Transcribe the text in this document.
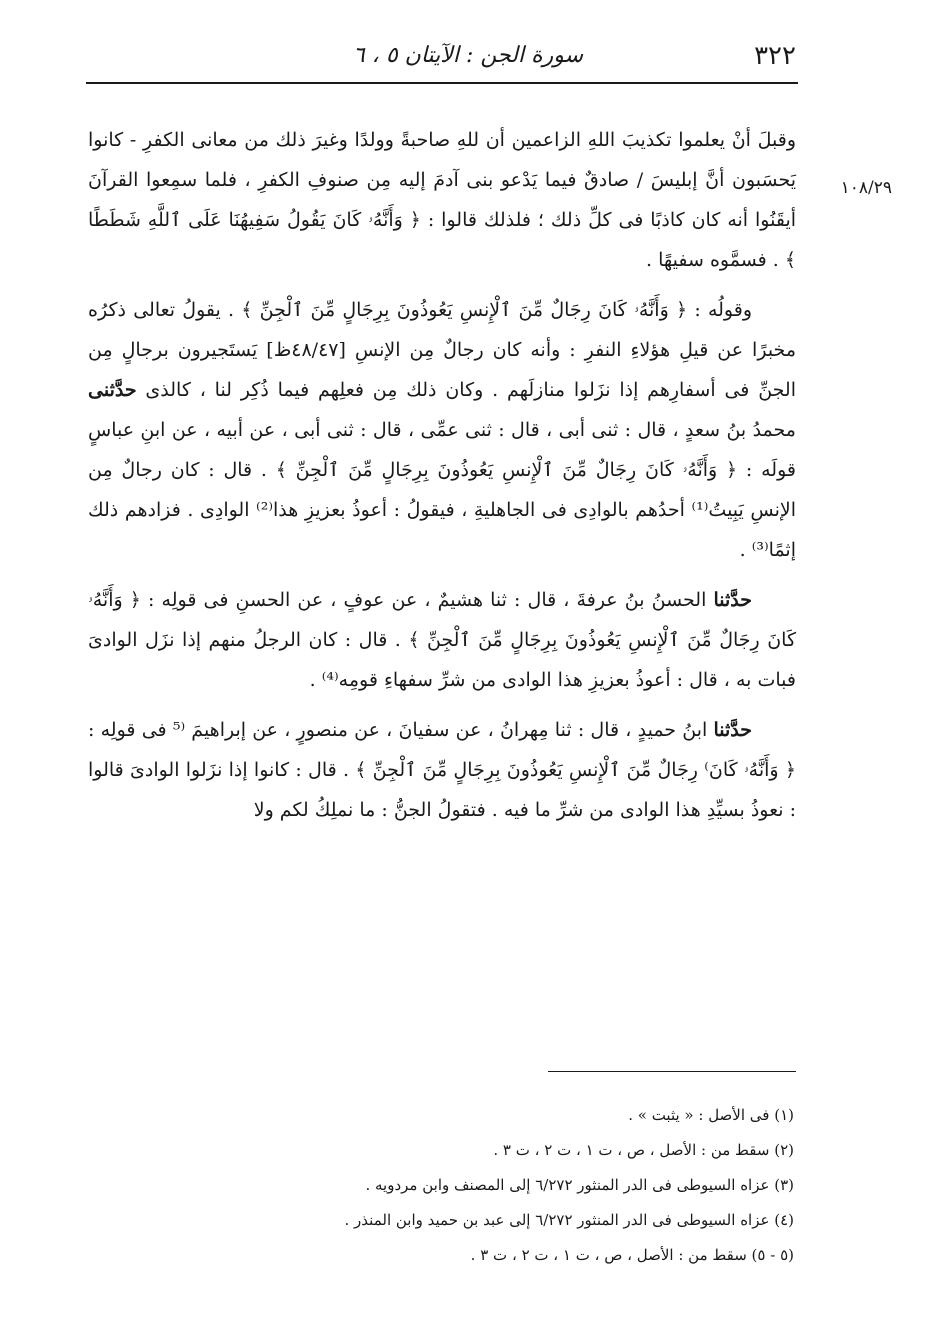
٣٢٢
سورة الجن : الآيتان ٥ ، ٦
١٠٨/٢٩

وقبلَ أنْ يعلموا تكذيبَ اللهِ الزاعمين أن للهِ صاحبةً وولدًا وغيرَ ذلك من معانى الكفرِ - كانوا يَحسَبون أنَّ إبليسَ / صادقٌ فيما يَدْعو بنى آدمَ إليه مِن صنوفِ الكفرِ ، فلما سمِعوا القرآنَ أيقَنُوا أنه كان كاذبًا فى كلِّ ذلك ؛ فلذلك قالوا : ﴿ وَأَنَّهُۥ كَانَ يَقُولُ سَفِيهُنَا عَلَى ٱللَّهِ شَطَطًا ﴾ . فسمَّوه سفيهًا .

وقولُه : ﴿ وَأَنَّهُۥ كَانَ رِجَالٌ مِّنَ ٱلْإِنسِ يَعُوذُونَ بِرِجَالٍ مِّنَ ٱلْجِنِّ ﴾ . يقولُ تعالى ذكرُه مخبرًا عن قيلِ هؤلاءِ النفرِ : وأنه كان رجالٌ مِن الإنسِ [٤٨/٤٧ظ] يَستَجيرون برجالٍ مِن الجنِّ فى أسفارِهم إذا نزَلوا منازلَهم . وكان ذلك مِن فعلِهم فيما ذُكِر لنا ، كالذى حدَّثنى محمدُ بنُ سعدٍ ، قال : ثنى أبى ، قال : ثنى عمِّى ، قال : ثنى أبى ، عن أبيه ، عن ابنِ عباسٍ قولَه : ﴿ وَأَنَّهُۥ كَانَ رِجَالٌ مِّنَ ٱلْإِنسِ يَعُوذُونَ بِرِجَالٍ مِّنَ ٱلْجِنِّ ﴾ . قال : كان رجالٌ مِن الإنسِ يَبِيتُ⁽¹⁾ أحدُهم بالوادِى فى الجاهليةِ ، فيقولُ : أعوذُ بعزيزِ هذا⁽²⁾ الوادِى . فزادهم ذلك إثمًا⁽³⁾ .

حدَّثنا الحسنُ بنُ عرفةَ ، قال : ثنا هشيمٌ ، عن عوفٍ ، عن الحسنِ فى قولِه : ﴿ وَأَنَّهُۥ كَانَ رِجَالٌ مِّنَ ٱلْإِنسِ يَعُوذُونَ بِرِجَالٍ مِّنَ ٱلْجِنِّ ﴾ . قال : كان الرجلُ منهم إذا نزَل الوادىَ فبات به ، قال : أعوذُ بعزيزِ هذا الوادى من شرِّ سفهاءِ قومِه⁽⁴⁾ .

حدَّثنا ابنُ حميدٍ ، قال : ثنا مِهرانُ ، عن سفيانَ ، عن منصورٍ ، عن إبراهيمَ ⁽⁵ فى قولِه : ﴿ وَأَنَّهُۥ كَانَ⁾ رِجَالٌ مِّنَ ٱلْإِنسِ يَعُوذُونَ بِرِجَالٍ مِّنَ ٱلْجِنِّ ﴾ . قال : كانوا إذا نزَلوا الوادىَ قالوا : نعوذُ بسيِّدِ هذا الوادى من شرِّ ما فيه . فتقولُ الجنُّ : ما نملِكُ لكم ولا

(١) فى الأصل : « يثبت » .

(٢) سقط من : الأصل ، ص ، ت ١ ، ت ٢ ، ت ٣ .

(٣) عزاه السيوطى فى الدر المنثور ٦/٢٧٢ إلى المصنف وابن مردويه .

(٤) عزاه السيوطى فى الدر المنثور ٦/٢٧٢ إلى عبد بن حميد وابن المنذر .

(٥ - ٥) سقط من : الأصل ، ص ، ت ١ ، ت ٢ ، ت ٣ .
